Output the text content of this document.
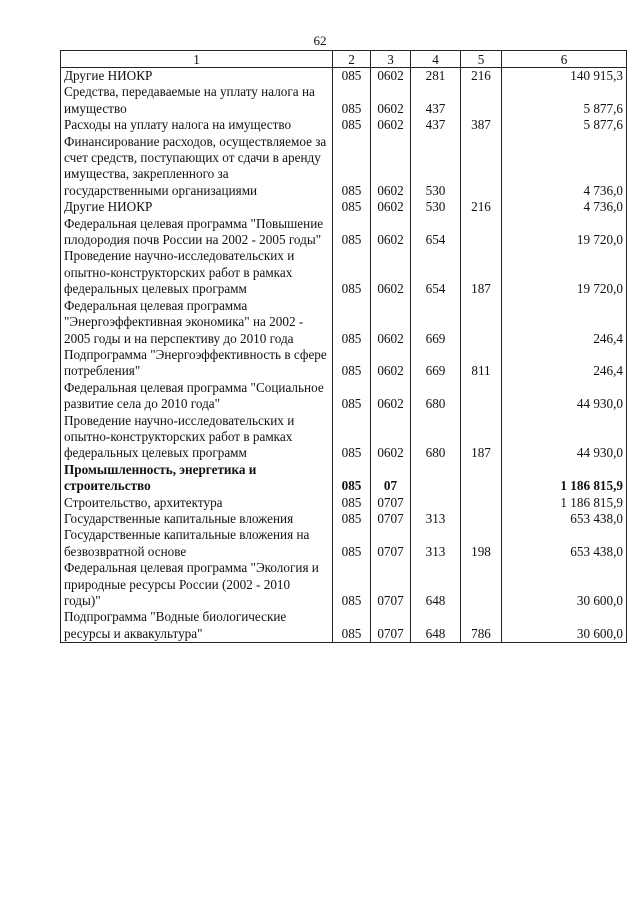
62
1	2	3	4	5	6
Другие НИОКР	085	0602	281	216	140 915,3
Средства, передаваемые на уплату налога на имущество	085	0602	437		5 877,6
Расходы на уплату налога на имущество	085	0602	437	387	5 877,6
Финансирование расходов, осуществляемое за счет средств, поступающих от сдачи в аренду имущества, закрепленного за государственными организациями	085	0602	530		4 736,0
Другие НИОКР	085	0602	530	216	4 736,0
Федеральная целевая программа "Повышение плодородия почв России на 2002 - 2005 годы"	085	0602	654		19 720,0
Проведение научно-исследовательских и опытно-конструкторских работ в рамках федеральных целевых программ	085	0602	654	187	19 720,0
Федеральная целевая программа "Энергоэффективная экономика" на 2002 - 2005 годы и на перспективу до 2010 года	085	0602	669		246,4
Подпрограмма "Энергоэффективность в сфере потребления"	085	0602	669	811	246,4
Федеральная целевая программа "Социальное развитие села до 2010 года"	085	0602	680		44 930,0
Проведение научно-исследовательских и опытно-конструкторских работ в рамках федеральных целевых программ	085	0602	680	187	44 930,0
Промышленность, энергетика и строительство	085	07			1 186 815,9
Строительство, архитектура	085	0707			1 186 815,9
Государственные капитальные вложения	085	0707	313		653 438,0
Государственные капитальные вложения на безвозвратной основе	085	0707	313	198	653 438,0
Федеральная целевая программа "Экология и природные ресурсы России (2002 - 2010 годы)"	085	0707	648		30 600,0
Подпрограмма "Водные биологические ресурсы и аквакультура"	085	0707	648	786	30 600,0
